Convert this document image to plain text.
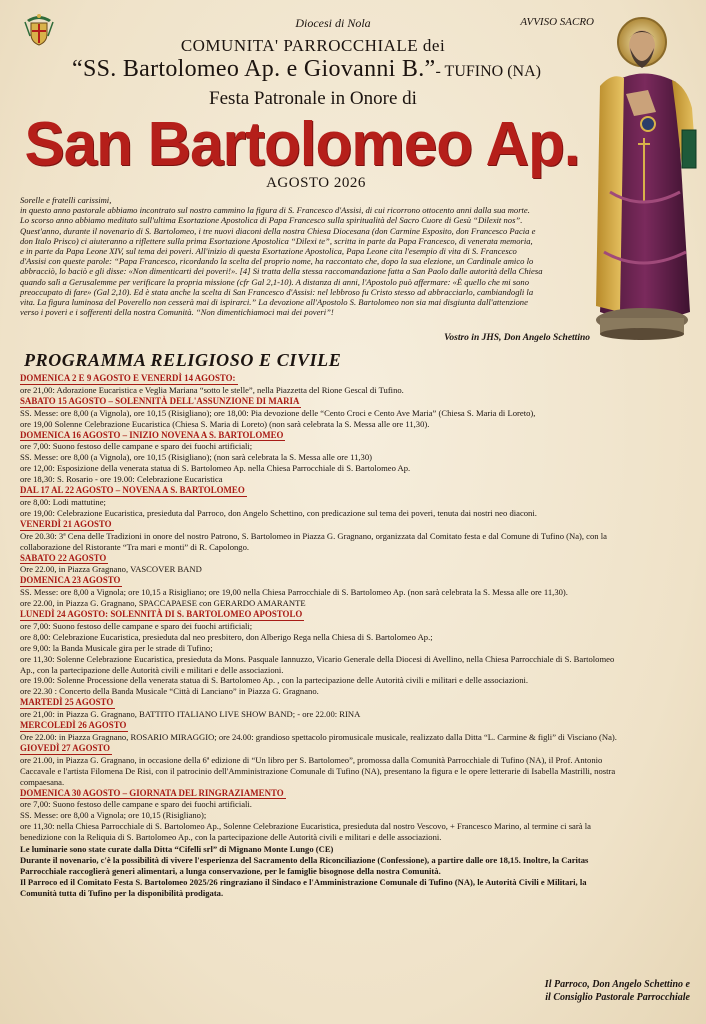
Diocesi di Nola	AVVISO SACRO
COMUNITA' PARROCCHIALE dei
“SS. Bartolomeo Ap. e Giovanni B.”- TUFINO (NA)
Festa Patronale in Onore di
San Bartolomeo Ap.
AGOSTO 2026

Sorelle e fratelli carissimi,

in questo anno pastorale abbiamo incontrato sul nostro cammino la figura di S. Francesco d'Assisi, di cui ricorrono ottocento anni dalla sua morte.

Lo scorso anno abbiamo meditato sull'ultima Esortazione Apostolica di Papa Francesco sulla spiritualità del Sacro Cuore di Gesù “Dilexit nos”.

Quest'anno, durante il novenario di S. Bartolomeo, i tre nuovi diaconi della nostra Chiesa Diocesana (don Carmine Esposito, don Francesco Pacia e

don Italo Prisco) ci aiuteranno a riflettere sulla prima Esortazione Apostolica “Dilexi te”, scritta in parte da Papa Francesco, di venerata memoria,

e in parte da Papa Leone XIV, sul tema dei poveri. All'inizio di questa Esortazione Apostolica, Papa Leone cita l'esempio di vita di S. Francesco

d'Assisi con queste parole: “Papa Francesco, ricordando la scelta del proprio nome, ha raccontato che, dopo la sua elezione, un Cardinale amico lo

abbracciò, lo baciò e gli disse: «Non dimenticarti dei poveri!». [4] Si tratta della stessa raccomandazione fatta a San Paolo dalle autorità della Chiesa

quando salì a Gerusalemme per verificare la propria missione (cfr Gal 2,1-10). A distanza di anni, l'Apostolo può affermare: «È quello che mi sono

preoccupato di fare» (Gal 2,10). Ed è stata anche la scelta di San Francesco d'Assisi: nel lebbroso fu Cristo stesso ad abbracciarlo, cambiandogli la

vita. La figura luminosa del Poverello non cesserà mai di ispirarci.” La devozione all'Apostolo S. Bartolomeo non sia mai disgiunta dall'attenzione

verso i poveri e i sofferenti della nostra Comunità. “Non dimentichiamoci mai dei poveri”!

Vostro in JHS, Don Angelo Schettino
PROGRAMMA RELIGIOSO E CIVILE
DOMENICA 2 E 9 AGOSTO E VENERDÌ 14 AGOSTO:
ore 21,00: Adorazione Eucaristica e Veglia Mariana “sotto le stelle”, nella Piazzetta del Rione Gescal di Tufino.
SABATO 15 AGOSTO – SOLENNITÀ DELL'ASSUNZIONE DI MARIA
SS. Messe: ore 8,00 (a Vignola), ore 10,15 (Risigliano); ore 18,00: Pia devozione delle “Cento Croci e Cento Ave Maria” (Chiesa S. Maria di Loreto),
ore 19,00 Solenne Celebrazione Eucaristica (Chiesa S. Maria di Loreto) (non sarà celebrata la S. Messa alle ore 11,30).
DOMENICA 16 AGOSTO – INIZIO NOVENA A S. BARTOLOMEO
ore 7,00: Suono festoso delle campane e sparo dei fuochi artificiali;
SS. Messe: ore 8,00 (a Vignola), ore 10,15 (Risigliano); (non sarà celebrata la S. Messa alle ore 11,30)
ore 12,00: Esposizione della venerata statua di S. Bartolomeo Ap. nella Chiesa Parrocchiale di S. Bartolomeo Ap.
ore 18,30: S. Rosario - ore 19.00: Celebrazione Eucaristica
DAL 17 AL 22 AGOSTO – NOVENA A S. BARTOLOMEO
ore 8,00: Lodi mattutine;
ore 19,00: Celebrazione Eucaristica, presieduta dal Parroco, don Angelo Schettino, con predicazione sul tema dei poveri, tenuta dai nostri neo diaconi.
VENERDÌ 21 AGOSTO
Ore 20.30: 3ª Cena delle Tradizioni in onore del nostro Patrono, S. Bartolomeo in Piazza G. Gragnano, organizzata dal Comitato festa e dal Comune di Tufino (Na), con la
collaborazione del Ristorante “Tra mari e monti” di R. Capolongo.
SABATO 22 AGOSTO
Ore 22.00, in Piazza Gragnano, VASCOVER BAND
DOMENICA 23 AGOSTO
SS. Messe: ore 8,00 a Vignola; ore 10,15 a Risigliano; ore 19,00 nella Chiesa Parrocchiale di S. Bartolomeo Ap. (non sarà celebrata la S. Messa alle ore 11,30).
ore 22.00, in Piazza G. Gragnano, SPACCAPAESE con GERARDO AMARANTE
LUNEDÌ 24 AGOSTO: SOLENNITÀ DI S. BARTOLOMEO APOSTOLO
ore 7,00: Suono festoso delle campane e sparo dei fuochi artificiali;
ore 8,00: Celebrazione Eucaristica, presieduta dal neo presbitero, don Alberigo Rega nella Chiesa di S. Bartolomeo Ap.;
ore 9,00: la Banda Musicale gira per le strade di Tufino;
ore 11,30: Solenne Celebrazione Eucaristica, presieduta da Mons. Pasquale Iannuzzo, Vicario Generale della Diocesi di Avellino, nella Chiesa Parrocchiale di S. Bartolomeo
Ap., con la partecipazione delle Autorità civili e militari e delle associazioni.
ore 19.00: Solenne Processione della venerata statua di S. Bartolomeo Ap. , con la partecipazione delle Autorità civili e militari e delle associazioni.
ore 22.30 : Concerto della Banda Musicale “Città di Lanciano” in Piazza G. Gragnano.
MARTEDÌ 25 AGOSTO
ore 21,00: in Piazza G. Gragnano, BATTITO ITALIANO LIVE SHOW BAND; - ore 22.00: RINA
MERCOLEDÌ 26 AGOSTO
Ore 22.00: in Piazza Gragnano, ROSARIO MIRAGGIO; ore 24.00: grandioso spettacolo piromusicale musicale, realizzato dalla Ditta “L. Carmine & figli” di Visciano (Na).
GIOVEDÌ 27 AGOSTO
ore 21.00, in Piazza G. Gragnano, in occasione della 6ª edizione di “Un libro per S. Bartolomeo”, promossa dalla Comunità Parrocchiale di Tufino (NA), il Prof. Antonio
Caccavale e l'artista Filomena De Risi, con il patrocinio dell'Amministrazione Comunale di Tufino (NA), presentano la figura e le opere letterarie di Isabella Mastrilli, nostra
compaesana.
DOMENICA 30 AGOSTO – GIORNATA DEL RINGRAZIAMENTO
ore 7,00: Suono festoso delle campane e sparo dei fuochi artificiali.
SS. Messe: ore 8,00 a Vignola; ore 10,15 (Risigliano);
ore 11,30: nella Chiesa Parrocchiale di S. Bartolomeo Ap., Solenne Celebrazione Eucaristica, presieduta dal nostro Vescovo, + Francesco Marino, al termine ci sarà la
benedizione con la Reliquia di S. Bartolomeo Ap., con la partecipazione delle Autorità civili e militari e delle associazioni.
Le luminarie sono state curate dalla Ditta “Cifelli srl” di Mignano Monte Lungo (CE)
Durante il novenario, c'è la possibilità di vivere l'esperienza del Sacramento della Riconciliazione (Confessione), a partire dalle ore 18,15. Inoltre, la Caritas
Parrocchiale raccoglierà generi alimentari, a lunga conservazione, per le famiglie bisognose della nostra Comunità.
Il Parroco ed il Comitato Festa S. Bartolomeo 2025/26 ringraziano il Sindaco e l'Amministrazione Comunale di Tufino (NA), le Autorità Civili e Militari, la
Comunità tutta di Tufino per la disponibilità prodigata.
Il Parroco, Don Angelo Schettino e
il Consiglio Pastorale Parrocchiale
